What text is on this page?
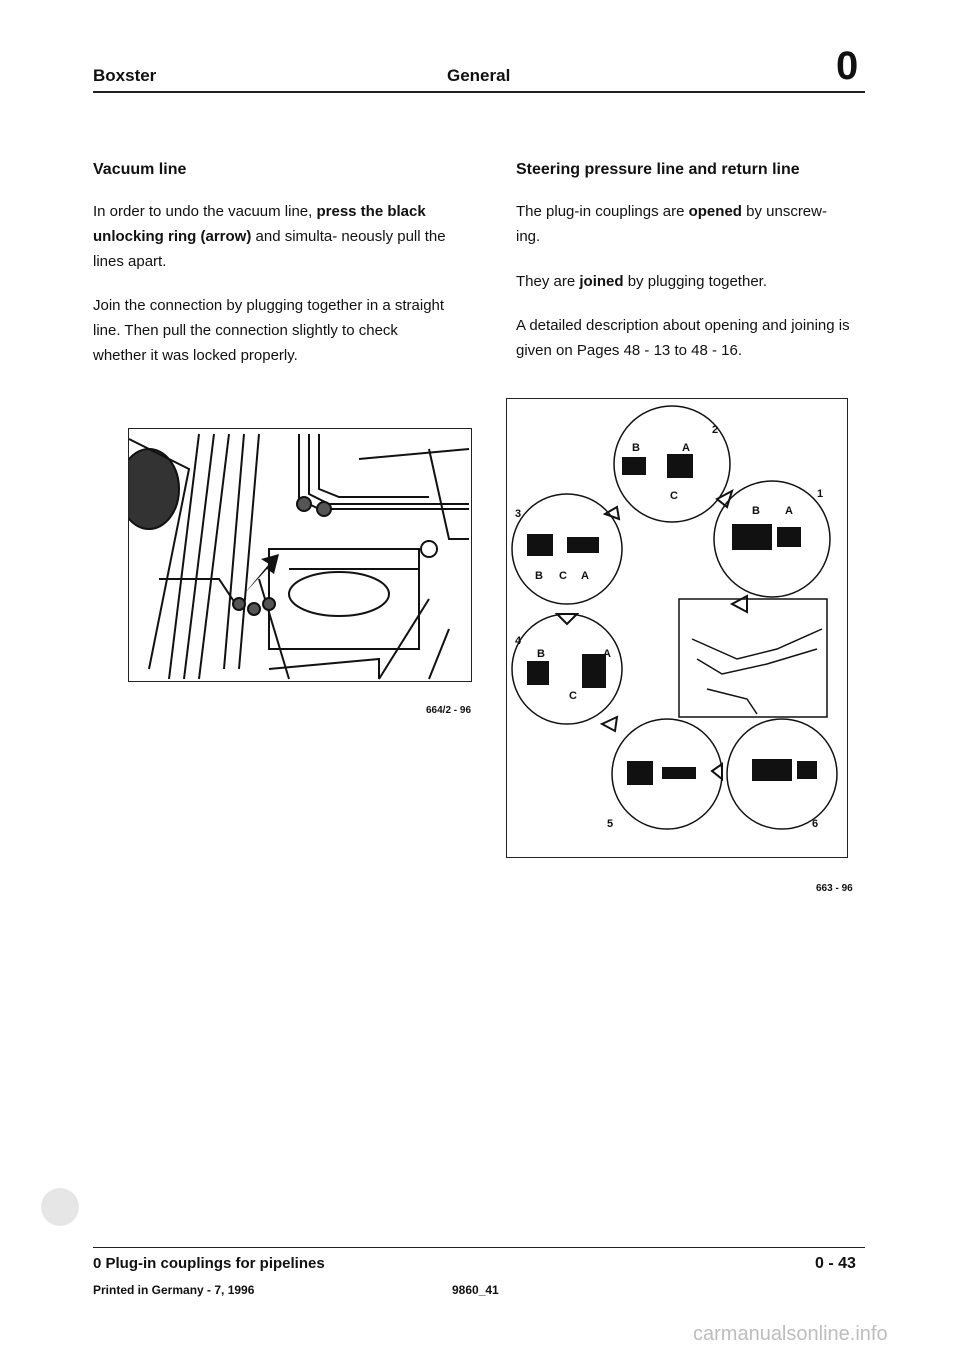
Boxster	General	0
Vacuum line
In order to undo the vacuum line, press the black unlocking ring (arrow) and simulta- neously pull the lines apart.
Join the connection by plugging together in a straight line. Then pull the connection slightly to check whether it was locked properly.
664/2 - 96
Steering pressure line and return line
The plug-in couplings are opened by unscrew- ing.
They are joined by plugging together.
A detailed description about opening and joining is given on Pages 48 - 13 to 48 - 16.
2
B	A
C
3
B C A
1
B A
4
B	A
C
5	6
663 - 96
0 Plug-in couplings for pipelines	0 - 43
Printed in Germany - 7, 1996	9860_41
carmanualsonline.info
